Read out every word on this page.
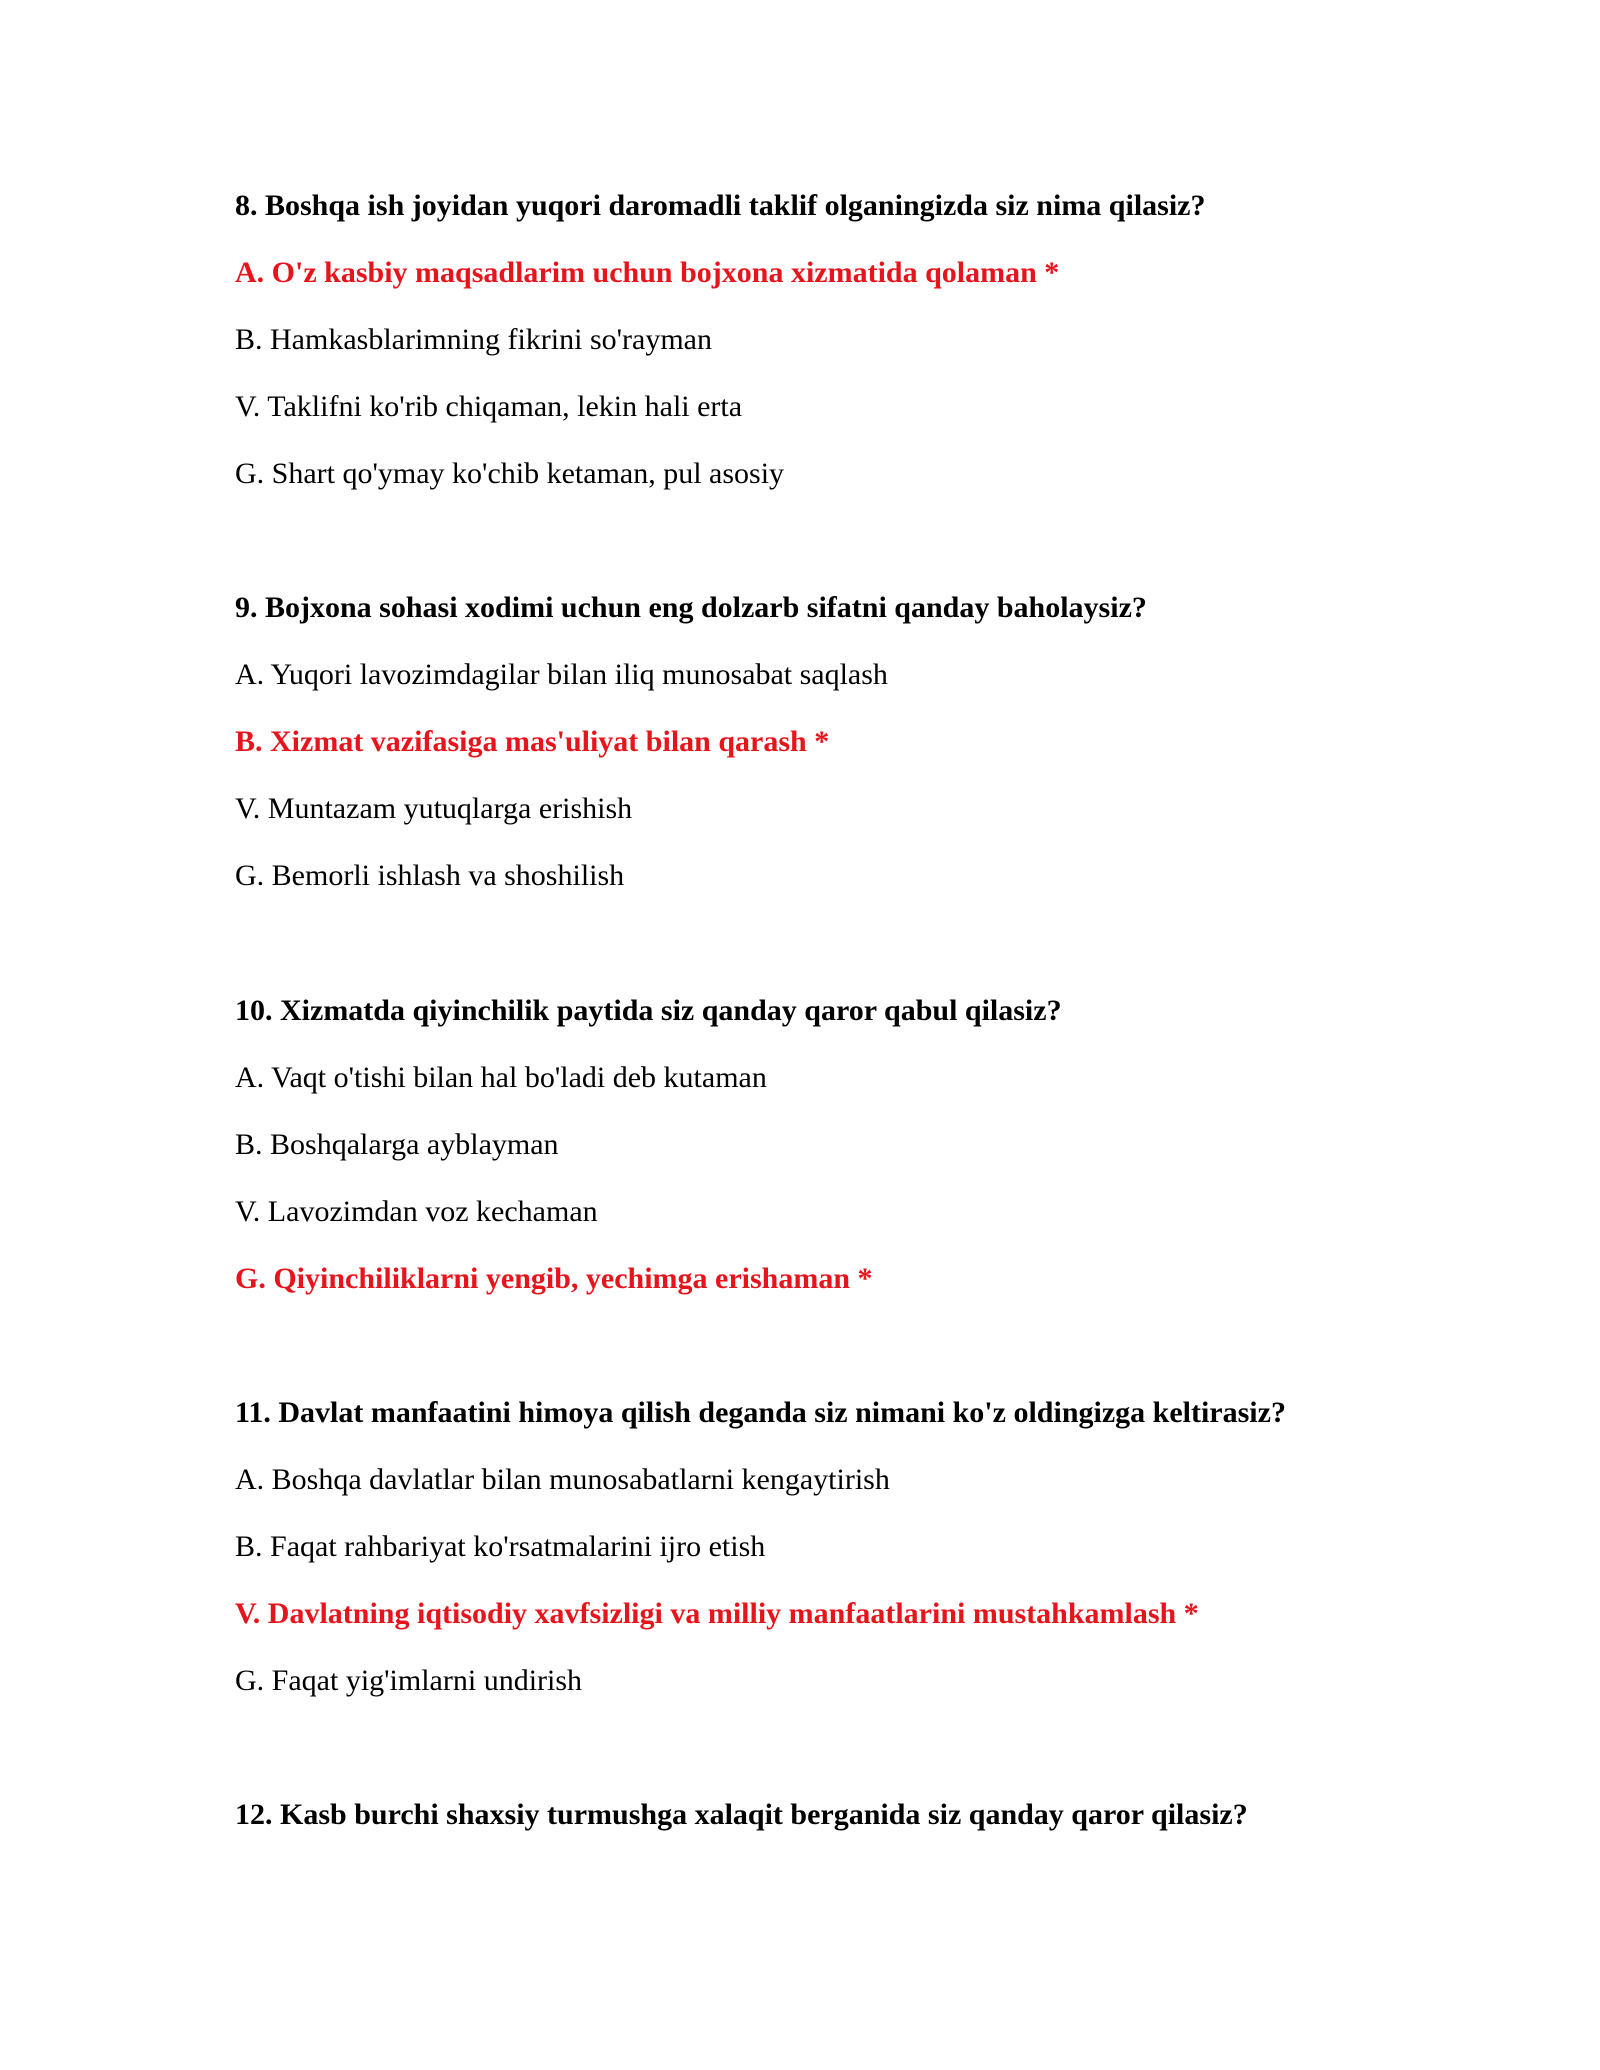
8. Boshqa ish joyidan yuqori daromadli taklif olganingizda siz nima qilasiz?

A. O'z kasbiy maqsadlarim uchun bojxona xizmatida qolaman *

B. Hamkasblarimning fikrini so'rayman

V. Taklifni ko'rib chiqaman, lekin hali erta

G. Shart qo'ymay ko'chib ketaman, pul asosiy

9. Bojxona sohasi xodimi uchun eng dolzarb sifatni qanday baholaysiz?

A. Yuqori lavozimdagilar bilan iliq munosabat saqlash

B. Xizmat vazifasiga mas'uliyat bilan qarash *

V. Muntazam yutuqlarga erishish

G. Bemorli ishlash va shoshilish

10. Xizmatda qiyinchilik paytida siz qanday qaror qabul qilasiz?

A. Vaqt o'tishi bilan hal bo'ladi deb kutaman

B. Boshqalarga ayblayman

V. Lavozimdan voz kechaman

G. Qiyinchiliklarni yengib, yechimga erishaman *

11. Davlat manfaatini himoya qilish deganda siz nimani ko'z oldingizga keltirasiz?

A. Boshqa davlatlar bilan munosabatlarni kengaytirish

B. Faqat rahbariyat ko'rsatmalarini ijro etish

V. Davlatning iqtisodiy xavfsizligi va milliy manfaatlarini mustahkamlash *

G. Faqat yig'imlarni undirish

12. Kasb burchi shaxsiy turmushga xalaqit berganida siz qanday qaror qilasiz?
